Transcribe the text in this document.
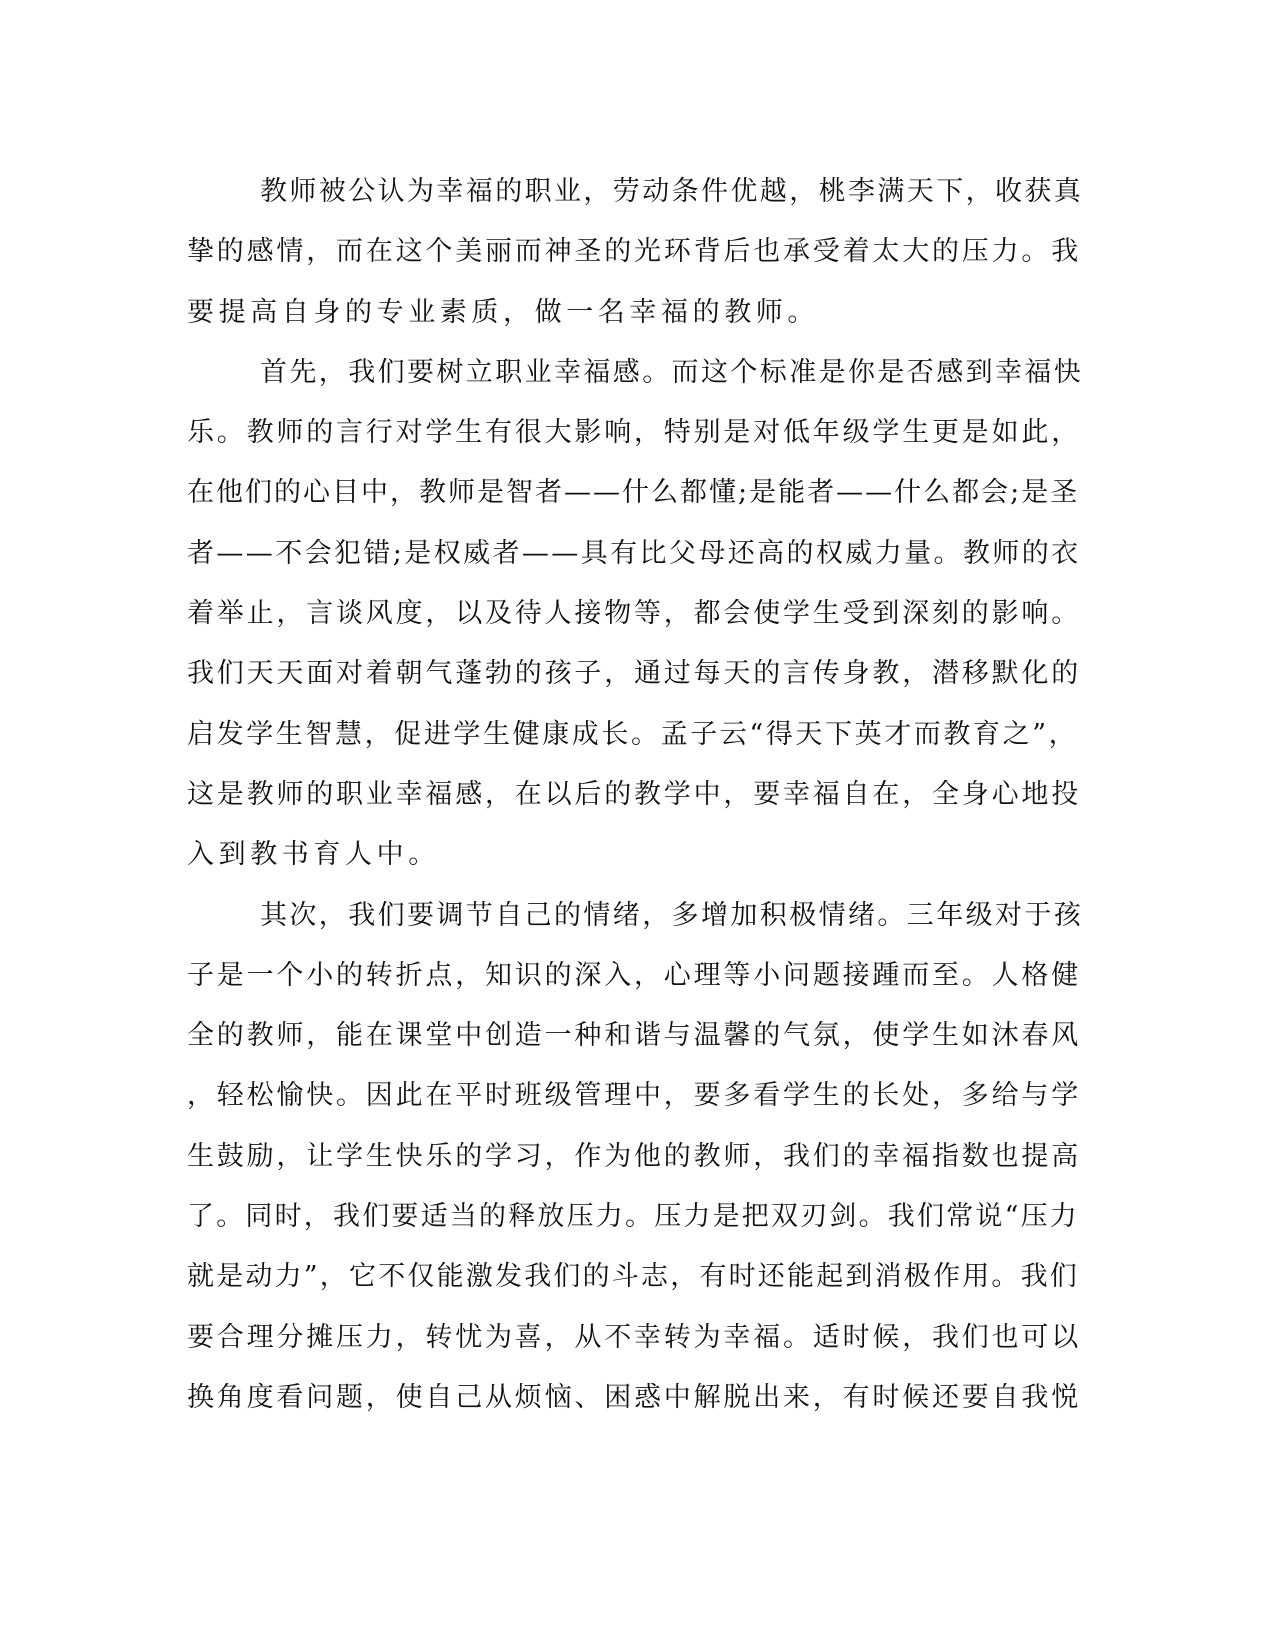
教师被公认为幸福的职业，劳动条件优越，桃李满天下，收获真
挚的感情，而在这个美丽而神圣的光环背后也承受着太大的压力。我
要提高自身的专业素质，做一名幸福的教师。
首先，我们要树立职业幸福感。而这个标准是你是否感到幸福快
乐。教师的言行对学生有很大影响，特别是对低年级学生更是如此，
在他们的心目中，教师是智者——什么都懂;是能者——什么都会;是圣
者——不会犯错;是权威者——具有比父母还高的权威力量。教师的衣
着举止，言谈风度，以及待人接物等，都会使学生受到深刻的影响。
我们天天面对着朝气蓬勃的孩子，通过每天的言传身教，潜移默化的
启发学生智慧，促进学生健康成长。孟子云“得天下英才而教育之”，
这是教师的职业幸福感，在以后的教学中，要幸福自在，全身心地投
入到教书育人中。
其次，我们要调节自己的情绪，多增加积极情绪。三年级对于孩
子是一个小的转折点，知识的深入，心理等小问题接踵而至。人格健
全的教师，能在课堂中创造一种和谐与温馨的气氛，使学生如沐春风
，轻松愉快。因此在平时班级管理中，要多看学生的长处，多给与学
生鼓励，让学生快乐的学习，作为他的教师，我们的幸福指数也提高
了。同时，我们要适当的释放压力。压力是把双刃剑。我们常说“压力
就是动力”，它不仅能激发我们的斗志，有时还能起到消极作用。我们
要合理分摊压力，转忧为喜，从不幸转为幸福。适时候，我们也可以
换角度看问题，使自己从烦恼、困惑中解脱出来，有时候还要自我悦
